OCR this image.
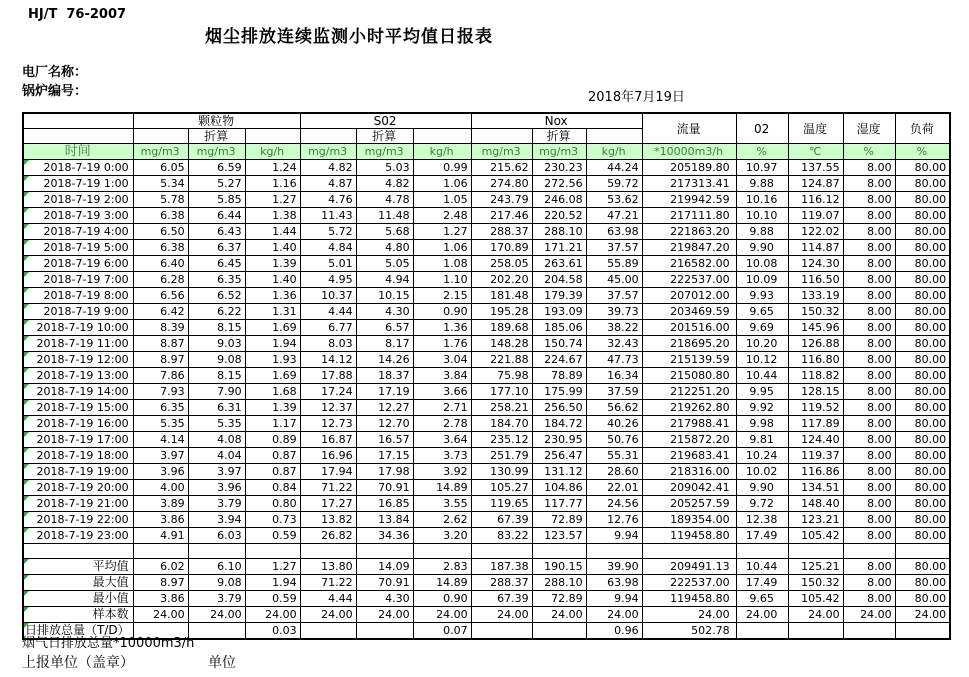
HJ/T  76-2007
烟尘排放连续监测小时平均值日报表
电厂名称：
锅炉编号：	2018年7月19日
	颗粒物			S02			Nox			流量	02	温度	湿度	负荷
		折算			折算			折算						
时间	mg/m3	mg/m3	kg/h	mg/m3	mg/m3	kg/h	mg/m3	mg/m3	kg/h	*10000m3/h	%	℃	%	%
2018-7-19 0:00	6.05	6.59	1.24	4.82	5.03	0.99	215.62	230.23	44.24	205189.80	10.97	137.55	8.00	80.00
2018-7-19 1:00	5.34	5.27	1.16	4.87	4.82	1.06	274.80	272.56	59.72	217313.41	9.88	124.87	8.00	80.00
2018-7-19 2:00	5.78	5.85	1.27	4.76	4.78	1.05	243.79	246.08	53.62	219942.59	10.16	116.12	8.00	80.00
2018-7-19 3:00	6.38	6.44	1.38	11.43	11.48	2.48	217.46	220.52	47.21	217111.80	10.10	119.07	8.00	80.00
2018-7-19 4:00	6.50	6.43	1.44	5.72	5.68	1.27	288.37	288.10	63.98	221863.20	9.88	122.02	8.00	80.00
2018-7-19 5:00	6.38	6.37	1.40	4.84	4.80	1.06	170.89	171.21	37.57	219847.20	9.90	114.87	8.00	80.00
2018-7-19 6:00	6.40	6.45	1.39	5.01	5.05	1.08	258.05	263.61	55.89	216582.00	10.08	124.30	8.00	80.00
2018-7-19 7:00	6.28	6.35	1.40	4.95	4.94	1.10	202.20	204.58	45.00	222537.00	10.09	116.50	8.00	80.00
2018-7-19 8:00	6.56	6.52	1.36	10.37	10.15	2.15	181.48	179.39	37.57	207012.00	9.93	133.19	8.00	80.00
2018-7-19 9:00	6.42	6.22	1.31	4.44	4.30	0.90	195.28	193.09	39.73	203469.59	9.65	150.32	8.00	80.00
2018-7-19 10:00	8.39	8.15	1.69	6.77	6.57	1.36	189.68	185.06	38.22	201516.00	9.69	145.96	8.00	80.00
2018-7-19 11:00	8.87	9.03	1.94	8.03	8.17	1.76	148.28	150.74	32.43	218695.20	10.20	126.88	8.00	80.00
2018-7-19 12:00	8.97	9.08	1.93	14.12	14.26	3.04	221.88	224.67	47.73	215139.59	10.12	116.80	8.00	80.00
2018-7-19 13:00	7.86	8.15	1.69	17.88	18.37	3.84	75.98	78.89	16.34	215080.80	10.44	118.82	8.00	80.00
2018-7-19 14:00	7.93	7.90	1.68	17.24	17.19	3.66	177.10	175.99	37.59	212251.20	9.95	128.15	8.00	80.00
2018-7-19 15:00	6.35	6.31	1.39	12.37	12.27	2.71	258.21	256.50	56.62	219262.80	9.92	119.52	8.00	80.00
2018-7-19 16:00	5.35	5.35	1.17	12.73	12.70	2.78	184.70	184.72	40.26	217988.41	9.98	117.89	8.00	80.00
2018-7-19 17:00	4.14	4.08	0.89	16.87	16.57	3.64	235.12	230.95	50.76	215872.20	9.81	124.40	8.00	80.00
2018-7-19 18:00	3.97	4.04	0.87	16.96	17.15	3.73	251.79	256.47	55.31	219683.41	10.24	119.37	8.00	80.00
2018-7-19 19:00	3.96	3.97	0.87	17.94	17.98	3.92	130.99	131.12	28.60	218316.00	10.02	116.86	8.00	80.00
2018-7-19 20:00	4.00	3.96	0.84	71.22	70.91	14.89	105.27	104.86	22.01	209042.41	9.90	134.51	8.00	80.00
2018-7-19 21:00	3.89	3.79	0.80	17.27	16.85	3.55	119.65	117.77	24.56	205257.59	9.72	148.40	8.00	80.00
2018-7-19 22:00	3.86	3.94	0.73	13.82	13.84	2.62	67.39	72.89	12.76	189354.00	12.38	123.21	8.00	80.00
2018-7-19 23:00	4.91	6.03	0.59	26.82	34.36	3.20	83.22	123.57	9.94	119458.80	17.49	105.42	8.00	80.00

平均值	6.02	6.10	1.27	13.80	14.09	2.83	187.38	190.15	39.90	209491.13	10.44	125.21	8.00	80.00
最大值	8.97	9.08	1.94	71.22	70.91	14.89	288.37	288.10	63.98	222537.00	17.49	150.32	8.00	80.00
最小值	3.86	3.79	0.59	4.44	4.30	0.90	67.39	72.89	9.94	119458.80	9.65	105.42	8.00	80.00
样本数	24.00	24.00	24.00	24.00	24.00	24.00	24.00	24.00	24.00	24.00	24.00	24.00	24.00	24.00
日排放总量（T/D）			0.03			0.07			0.96	502.78				
烟气日排放总量*10000m3/h
上报单位（盖章）	单位
